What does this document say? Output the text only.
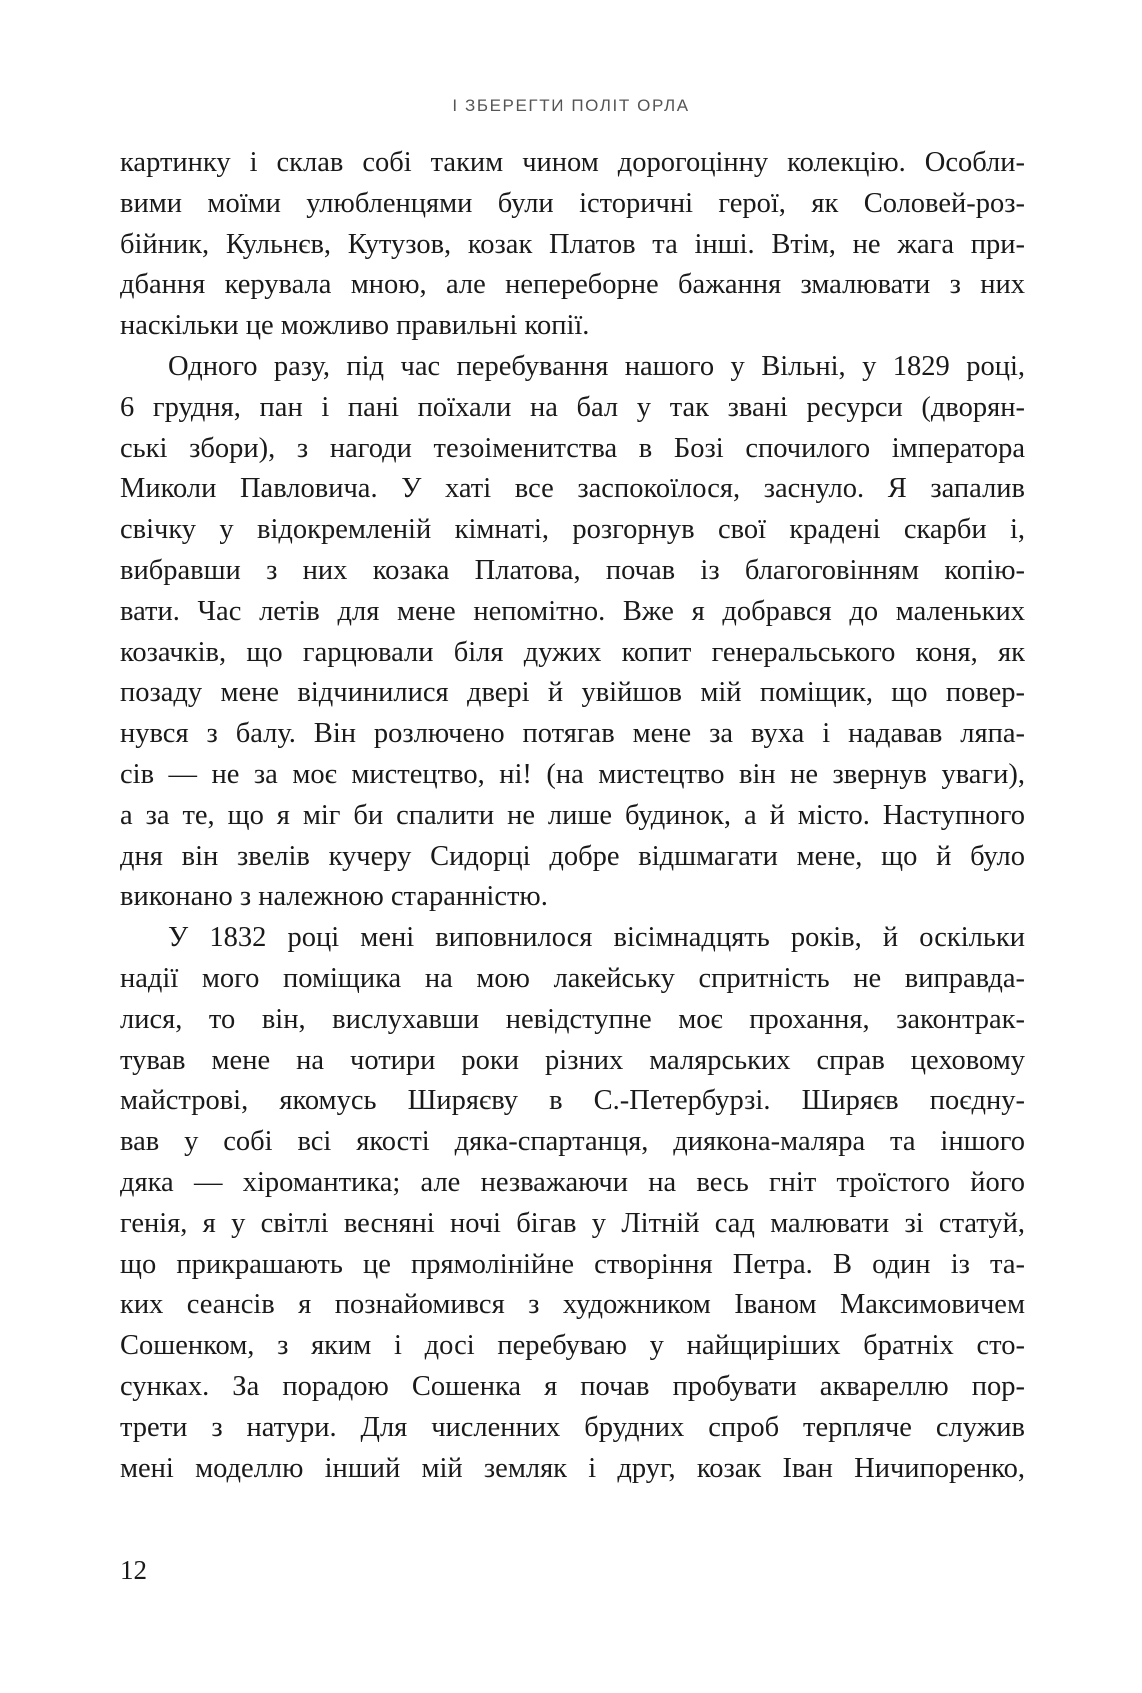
І ЗБЕРЕГТИ ПОЛІТ ОРЛА
картинку і склав собі таким чином дорогоцінну колекцію. Особли-
вими моїми улюбленцями були історичні герої, як Соловей-роз-
бійник, Кульнєв, Кутузов, козак Платов та інші. Втім, не жага при-
дбання керувала мною, але непереборне бажання змалювати з них
наскільки це можливо правильні копії.
Одного разу, під час перебування нашого у Вільні, у 1829 році,
6 грудня, пан і пані поїхали на бал у так звані ресурси (дворян-
ські збори), з нагоди тезоіменитства в Бозі спочилого імператора
Миколи Павловича. У хаті все заспокоїлося, заснуло. Я запалив
свічку у відокремленій кімнаті, розгорнув свої крадені скарби і,
вибравши з них козака Платова, почав із благоговінням копію-
вати. Час летів для мене непомітно. Вже я добрався до маленьких
козачків, що гарцювали біля дужих копит генеральського коня, як
позаду мене відчинилися двері й увійшов мій поміщик, що повер-
нувся з балу. Він розлючено потягав мене за вуха і надавав ляпа-
сів — не за моє мистецтво, ні! (на мистецтво він не звернув уваги),
а за те, що я міг би спалити не лише будинок, а й місто. Наступного
дня він звелів кучеру Сидорці добре відшмагати мене, що й було
виконано з належною старанністю.
У 1832 році мені виповнилося вісімнадцять років, й оскільки
надії мого поміщика на мою лакейську спритність не виправда-
лися, то він, вислухавши невідступне моє прохання, законтрак-
тував мене на чотири роки різних малярських справ цеховому
майстрові, якомусь Ширяєву в С.-Петербурзі. Ширяєв поєдну-
вав у собі всі якості дяка-спартанця, диякона-маляра та іншого
дяка — хіромантика; але незважаючи на весь гніт троїстого його
генія, я у світлі весняні ночі бігав у Літній сад малювати зі статуй,
що прикрашають це прямолінійне створіння Петра. В один із та-
ких сеансів я познайомився з художником Іваном Максимовичем
Сошенком, з яким і досі перебуваю у найщиріших братніх сто-
сунках. За порадою Сошенка я почав пробувати аквареллю пор-
трети з натури. Для численних брудних спроб терпляче служив
мені моделлю інший мій земляк і друг, козак Іван Ничипоренко,
12
